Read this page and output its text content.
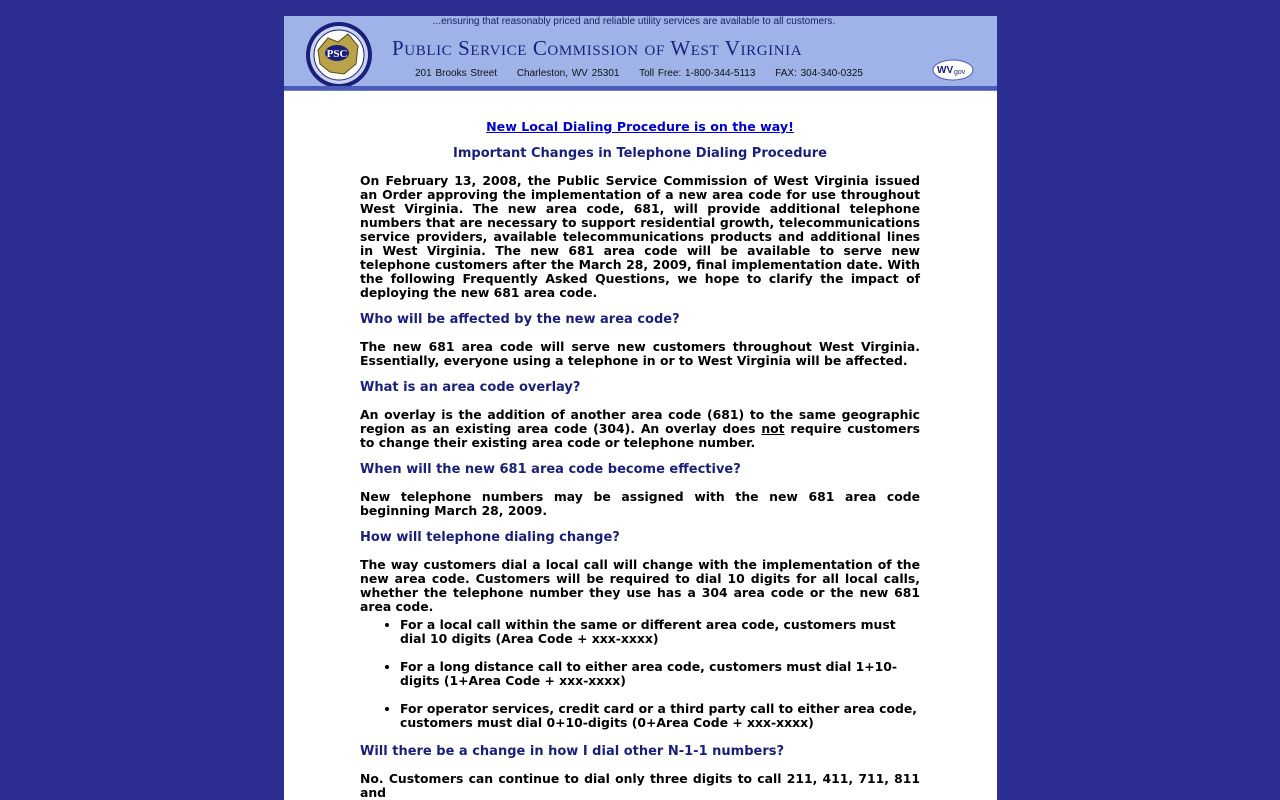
PSC
...ensuring that reasonably priced and reliable utility services are available to all customers.
Public Service Commission of West Virginia
201 Brooks Street Charleston, WV 25301 Toll Free: 1-800-344-5113 FAX: 304-340-0325	WV gov
New Local Dialing Procedure is on the way!
Important Changes in Telephone Dialing Procedure

On February 13, 2008, the Public Service Commission of West Virginia issued an Order approving the implementation of a new area code for use throughout West Virginia. The new area code, 681, will provide additional telephone numbers that are necessary to support residential growth, telecommunications service providers, available telecommunications products and additional lines in West Virginia. The new 681 area code will be available to serve new telephone customers after the March 28, 2009, final implementation date. With the following Frequently Asked Questions, we hope to clarify the impact of deploying the new 681 area code.

Who will be affected by the new area code?

The new 681 area code will serve new customers throughout West Virginia. Essentially, everyone using a telephone in or to West Virginia will be affected.

What is an area code overlay?

An overlay is the addition of another area code (681) to the same geographic region as an existing area code (304). An overlay does not require customers to change their existing area code or telephone number.

When will the new 681 area code become effective?

New telephone numbers may be assigned with the new 681 area code beginning March 28, 2009.

How will telephone dialing change?

The way customers dial a local call will change with the implementation of the new area code. Customers will be required to dial 10 digits for all local calls, whether the telephone number they use has a 304 area code or the new 681 area code.

• For a local call within the same or different area code, customers must dial 10 digits (Area Code + xxx-xxxx)
• For a long distance call to either area code, customers must dial 1+10-digits (1+Area Code + xxx-xxxx)
• For operator services, credit card or a third party call to either area code, customers must dial 0+10-digits (0+Area Code + xxx-xxxx)
Will there be a change in how I dial other N-1-1 numbers?

No. Customers can continue to dial only three digits to call 211, 411, 711, 811 and
